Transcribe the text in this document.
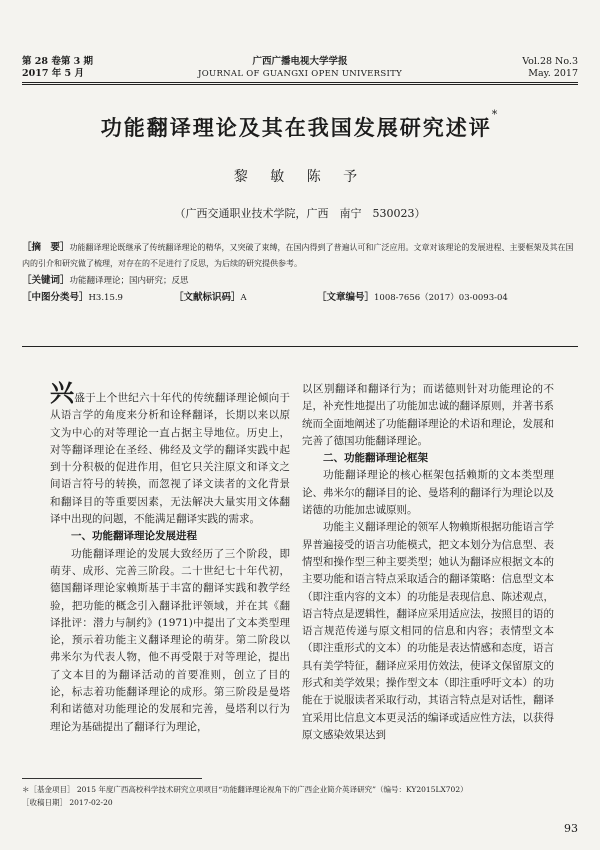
第 28 卷第 3 期
2017 年 5 月
广西广播电视大学学报
JOURNAL OF GUANGXI OPEN UNIVERSITY
Vol.28 No.3
May. 2017
功能翻译理论及其在我国发展研究述评*
黎 敏 陈 予
（广西交通职业技术学院，广西　南宁　530023）
［摘　要］功能翻译理论既继承了传统翻译理论的精华，又突破了束缚，在国内得到了普遍认可和广泛应用。文章对该理论的发展进程、主要框架及其在国内的引介和研究做了梳理，对存在的不足进行了反思，为后续的研究提供参考。
［关键词］功能翻译理论；国内研究；反思
［中图分类号］H3.15.9	［文献标识码］A	［文章编号］1008-7656（2017）03-0093-04

兴盛于上个世纪六十年代的传统翻译理论倾向于从语言学的角度来分析和诠释翻译，长期以来以原文为中心的对等理论一直占据主导地位。历史上，对等翻译理论在圣经、佛经及文学的翻译实践中起到十分积极的促进作用，但它只关注原文和译文之间语言符号的转换，而忽视了译文读者的文化背景和翻译目的等重要因素，无法解决大量实用文体翻译中出现的问题，不能满足翻译实践的需求。

一、功能翻译理论发展进程

功能翻译理论的发展大致经历了三个阶段，即萌芽、成形、完善三阶段。二十世纪七十年代初，德国翻译理论家赖斯基于丰富的翻译实践和教学经验，把功能的概念引入翻译批评领域，并在其《翻译批评：潜力与制约》(1971)中提出了文本类型理论，预示着功能主义翻译理论的萌芽。第二阶段以弗米尔为代表人物，他不再受限于对等理论，提出了文本目的为翻译活动的首要准则，创立了目的论，标志着功能翻译理论的成形。第三阶段是曼塔利和诺德对功能理论的发展和完善，曼塔利以行为理论为基础提出了翻译行为理论，

以区别翻译和翻译行为；而诺德则针对功能理论的不足，补充性地提出了功能加忠诚的翻译原则，并著书系统而全面地阐述了功能翻译理论的术语和理论，发展和完善了德国功能翻译理论。

二、功能翻译理论框架

功能翻译理论的核心框架包括赖斯的文本类型理论、弗米尔的翻译目的论、曼塔利的翻译行为理论以及诺德的功能加忠诚原则。

功能主义翻译理论的领军人物赖斯根据功能语言学界普遍接受的语言功能模式，把文本划分为信息型、表情型和操作型三种主要类型；她认为翻译应根据文本的主要功能和语言特点采取适合的翻译策略：信息型文本（即注重内容的文本）的功能是表现信息、陈述观点，语言特点是逻辑性，翻译应采用适应法，按照目的语的语言规范传递与原文相同的信息和内容；表情型文本（即注重形式的文本）的功能是表达情感和态度，语言具有美学特征，翻译应采用仿效法，使译文保留原文的形式和美学效果；操作型文本（即注重呼吁文本）的功能在于说服读者采取行动，其语言特点是对话性，翻译宜采用比信息文本更灵活的编译或适应性方法，以获得原文感染效果达到

＊［基金项目］ 2015 年度广西高校科学技术研究立项项目“功能翻译理论视角下的广西企业简介英译研究”（编号：KY2015LX702）
［收稿日期］ 2017-02-20
93
